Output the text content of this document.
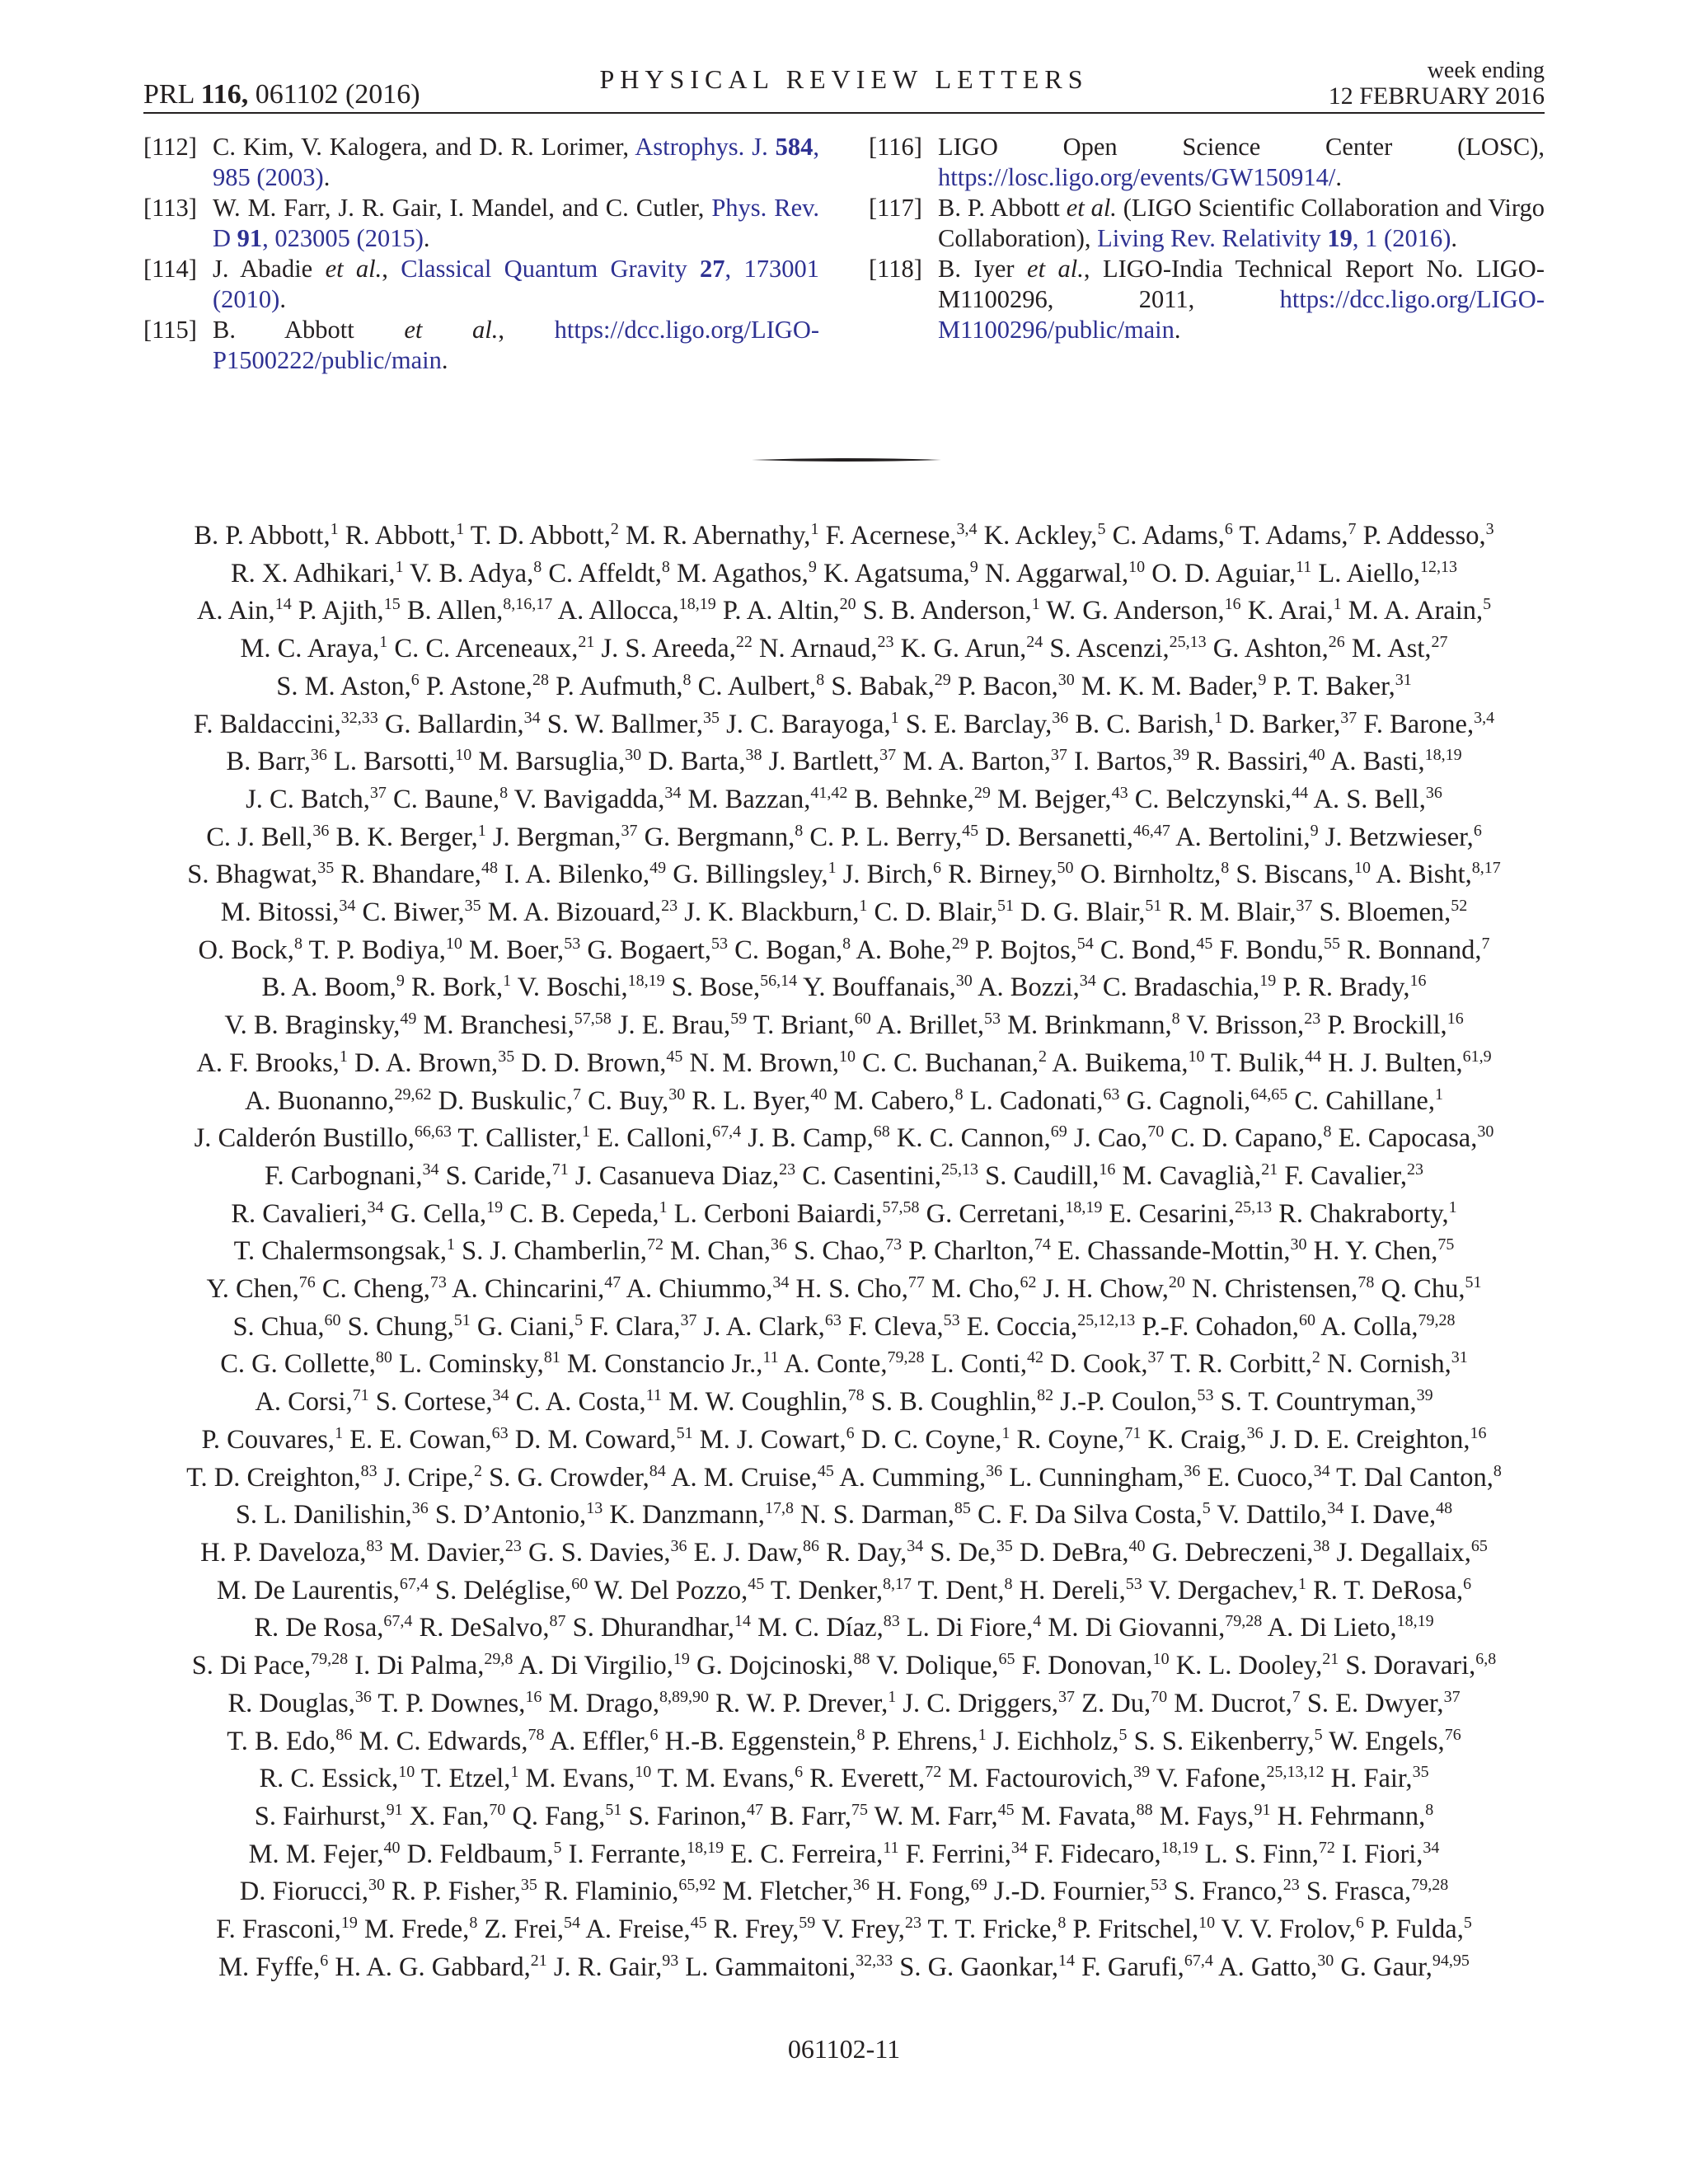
PRL 116, 061102 (2016)	PHYSICAL REVIEW LETTERS	week ending
12 FEBRUARY 2016
[112] C. Kim, V. Kalogera, and D. R. Lorimer, Astrophys. J. 584, 985 (2003).
[113] W. M. Farr, J. R. Gair, I. Mandel, and C. Cutler, Phys. Rev. D 91, 023005 (2015).
[114] J. Abadie et al., Classical Quantum Gravity 27, 173001 (2010).
[115] B. Abbott et al., https://dcc.ligo.org/LIGO-P1500222/public/main.
[116] LIGO Open Science Center (LOSC), https://losc.ligo.org/events/GW150914/.
[117] B. P. Abbott et al. (LIGO Scientific Collaboration and Virgo Collaboration), Living Rev. Relativity 19, 1 (2016).
[118] B. Iyer et al., LIGO-India Technical Report No. LIGO-M1100296, 2011, https://dcc.ligo.org/LIGO-M1100296/public/main.
B. P. Abbott,$^1$ R. Abbott,$^1$ T. D. Abbott,$^2$ M. R. Abernathy,$^1$ F. Acernese,$^{3,4}$ K. Ackley,$^5$ C. Adams,$^6$ T. Adams,$^7$ P. Addesso,$^3$
R. X. Adhikari,$^1$ V. B. Adya,$^8$ C. Affeldt,$^8$ M. Agathos,$^9$ K. Agatsuma,$^9$ N. Aggarwal,$^{10}$ O. D. Aguiar,$^{11}$ L. Aiello,$^{12,13}$
A. Ain,$^{14}$ P. Ajith,$^{15}$ B. Allen,$^{8,16,17}$ A. Allocca,$^{18,19}$ P. A. Altin,$^{20}$ S. B. Anderson,$^1$ W. G. Anderson,$^{16}$ K. Arai,$^1$ M. A. Arain,$^5$
M. C. Araya,$^1$ C. C. Arceneaux,$^{21}$ J. S. Areeda,$^{22}$ N. Arnaud,$^{23}$ K. G. Arun,$^{24}$ S. Ascenzi,$^{25,13}$ G. Ashton,$^{26}$ M. Ast,$^{27}$
S. M. Aston,$^6$ P. Astone,$^{28}$ P. Aufmuth,$^8$ C. Aulbert,$^8$ S. Babak,$^{29}$ P. Bacon,$^{30}$ M. K. M. Bader,$^9$ P. T. Baker,$^{31}$
F. Baldaccini,$^{32,33}$ G. Ballardin,$^{34}$ S. W. Ballmer,$^{35}$ J. C. Barayoga,$^1$ S. E. Barclay,$^{36}$ B. C. Barish,$^1$ D. Barker,$^{37}$ F. Barone,$^{3,4}$
B. Barr,$^{36}$ L. Barsotti,$^{10}$ M. Barsuglia,$^{30}$ D. Barta,$^{38}$ J. Bartlett,$^{37}$ M. A. Barton,$^{37}$ I. Bartos,$^{39}$ R. Bassiri,$^{40}$ A. Basti,$^{18,19}$
J. C. Batch,$^{37}$ C. Baune,$^8$ V. Bavigadda,$^{34}$ M. Bazzan,$^{41,42}$ B. Behnke,$^{29}$ M. Bejger,$^{43}$ C. Belczynski,$^{44}$ A. S. Bell,$^{36}$
C. J. Bell,$^{36}$ B. K. Berger,$^1$ J. Bergman,$^{37}$ G. Bergmann,$^8$ C. P. L. Berry,$^{45}$ D. Bersanetti,$^{46,47}$ A. Bertolini,$^9$ J. Betzwieser,$^6$
S. Bhagwat,$^{35}$ R. Bhandare,$^{48}$ I. A. Bilenko,$^{49}$ G. Billingsley,$^1$ J. Birch,$^6$ R. Birney,$^{50}$ O. Birnholtz,$^8$ S. Biscans,$^{10}$ A. Bisht,$^{8,17}$
M. Bitossi,$^{34}$ C. Biwer,$^{35}$ M. A. Bizouard,$^{23}$ J. K. Blackburn,$^1$ C. D. Blair,$^{51}$ D. G. Blair,$^{51}$ R. M. Blair,$^{37}$ S. Bloemen,$^{52}$
O. Bock,$^8$ T. P. Bodiya,$^{10}$ M. Boer,$^{53}$ G. Bogaert,$^{53}$ C. Bogan,$^8$ A. Bohe,$^{29}$ P. Bojtos,$^{54}$ C. Bond,$^{45}$ F. Bondu,$^{55}$ R. Bonnand,$^7$
B. A. Boom,$^9$ R. Bork,$^1$ V. Boschi,$^{18,19}$ S. Bose,$^{56,14}$ Y. Bouffanais,$^{30}$ A. Bozzi,$^{34}$ C. Bradaschia,$^{19}$ P. R. Brady,$^{16}$
V. B. Braginsky,$^{49}$ M. Branchesi,$^{57,58}$ J. E. Brau,$^{59}$ T. Briant,$^{60}$ A. Brillet,$^{53}$ M. Brinkmann,$^8$ V. Brisson,$^{23}$ P. Brockill,$^{16}$
A. F. Brooks,$^1$ D. A. Brown,$^{35}$ D. D. Brown,$^{45}$ N. M. Brown,$^{10}$ C. C. Buchanan,$^2$ A. Buikema,$^{10}$ T. Bulik,$^{44}$ H. J. Bulten,$^{61,9}$
A. Buonanno,$^{29,62}$ D. Buskulic,$^7$ C. Buy,$^{30}$ R. L. Byer,$^{40}$ M. Cabero,$^8$ L. Cadonati,$^{63}$ G. Cagnoli,$^{64,65}$ C. Cahillane,$^1$
J. Calderón Bustillo,$^{66,63}$ T. Callister,$^1$ E. Calloni,$^{67,4}$ J. B. Camp,$^{68}$ K. C. Cannon,$^{69}$ J. Cao,$^{70}$ C. D. Capano,$^8$ E. Capocasa,$^{30}$
F. Carbognani,$^{34}$ S. Caride,$^{71}$ J. Casanueva Diaz,$^{23}$ C. Casentini,$^{25,13}$ S. Caudill,$^{16}$ M. Cavaglià,$^{21}$ F. Cavalier,$^{23}$
R. Cavalieri,$^{34}$ G. Cella,$^{19}$ C. B. Cepeda,$^1$ L. Cerboni Baiardi,$^{57,58}$ G. Cerretani,$^{18,19}$ E. Cesarini,$^{25,13}$ R. Chakraborty,$^1$
T. Chalermsongsak,$^1$ S. J. Chamberlin,$^{72}$ M. Chan,$^{36}$ S. Chao,$^{73}$ P. Charlton,$^{74}$ E. Chassande-Mottin,$^{30}$ H. Y. Chen,$^{75}$
Y. Chen,$^{76}$ C. Cheng,$^{73}$ A. Chincarini,$^{47}$ A. Chiummo,$^{34}$ H. S. Cho,$^{77}$ M. Cho,$^{62}$ J. H. Chow,$^{20}$ N. Christensen,$^{78}$ Q. Chu,$^{51}$
S. Chua,$^{60}$ S. Chung,$^{51}$ G. Ciani,$^5$ F. Clara,$^{37}$ J. A. Clark,$^{63}$ F. Cleva,$^{53}$ E. Coccia,$^{25,12,13}$ P.-F. Cohadon,$^{60}$ A. Colla,$^{79,28}$
C. G. Collette,$^{80}$ L. Cominsky,$^{81}$ M. Constancio Jr.,$^{11}$ A. Conte,$^{79,28}$ L. Conti,$^{42}$ D. Cook,$^{37}$ T. R. Corbitt,$^2$ N. Cornish,$^{31}$
A. Corsi,$^{71}$ S. Cortese,$^{34}$ C. A. Costa,$^{11}$ M. W. Coughlin,$^{78}$ S. B. Coughlin,$^{82}$ J.-P. Coulon,$^{53}$ S. T. Countryman,$^{39}$
P. Couvares,$^1$ E. E. Cowan,$^{63}$ D. M. Coward,$^{51}$ M. J. Cowart,$^6$ D. C. Coyne,$^1$ R. Coyne,$^{71}$ K. Craig,$^{36}$ J. D. E. Creighton,$^{16}$
T. D. Creighton,$^{83}$ J. Cripe,$^2$ S. G. Crowder,$^{84}$ A. M. Cruise,$^{45}$ A. Cumming,$^{36}$ L. Cunningham,$^{36}$ E. Cuoco,$^{34}$ T. Dal Canton,$^8$
S. L. Danilishin,$^{36}$ S. D’Antonio,$^{13}$ K. Danzmann,$^{17,8}$ N. S. Darman,$^{85}$ C. F. Da Silva Costa,$^5$ V. Dattilo,$^{34}$ I. Dave,$^{48}$
H. P. Daveloza,$^{83}$ M. Davier,$^{23}$ G. S. Davies,$^{36}$ E. J. Daw,$^{86}$ R. Day,$^{34}$ S. De,$^{35}$ D. DeBra,$^{40}$ G. Debreczeni,$^{38}$ J. Degallaix,$^{65}$
M. De Laurentis,$^{67,4}$ S. Deléglise,$^{60}$ W. Del Pozzo,$^{45}$ T. Denker,$^{8,17}$ T. Dent,$^8$ H. Dereli,$^{53}$ V. Dergachev,$^1$ R. T. DeRosa,$^6$
R. De Rosa,$^{67,4}$ R. DeSalvo,$^{87}$ S. Dhurandhar,$^{14}$ M. C. Díaz,$^{83}$ L. Di Fiore,$^4$ M. Di Giovanni,$^{79,28}$ A. Di Lieto,$^{18,19}$
S. Di Pace,$^{79,28}$ I. Di Palma,$^{29,8}$ A. Di Virgilio,$^{19}$ G. Dojcinoski,$^{88}$ V. Dolique,$^{65}$ F. Donovan,$^{10}$ K. L. Dooley,$^{21}$ S. Doravari,$^{6,8}$
R. Douglas,$^{36}$ T. P. Downes,$^{16}$ M. Drago,$^{8,89,90}$ R. W. P. Drever,$^1$ J. C. Driggers,$^{37}$ Z. Du,$^{70}$ M. Ducrot,$^7$ S. E. Dwyer,$^{37}$
T. B. Edo,$^{86}$ M. C. Edwards,$^{78}$ A. Effler,$^6$ H.-B. Eggenstein,$^8$ P. Ehrens,$^1$ J. Eichholz,$^5$ S. S. Eikenberry,$^5$ W. Engels,$^{76}$
R. C. Essick,$^{10}$ T. Etzel,$^1$ M. Evans,$^{10}$ T. M. Evans,$^6$ R. Everett,$^{72}$ M. Factourovich,$^{39}$ V. Fafone,$^{25,13,12}$ H. Fair,$^{35}$
S. Fairhurst,$^{91}$ X. Fan,$^{70}$ Q. Fang,$^{51}$ S. Farinon,$^{47}$ B. Farr,$^{75}$ W. M. Farr,$^{45}$ M. Favata,$^{88}$ M. Fays,$^{91}$ H. Fehrmann,$^8$
M. M. Fejer,$^{40}$ D. Feldbaum,$^5$ I. Ferrante,$^{18,19}$ E. C. Ferreira,$^{11}$ F. Ferrini,$^{34}$ F. Fidecaro,$^{18,19}$ L. S. Finn,$^{72}$ I. Fiori,$^{34}$
D. Fiorucci,$^{30}$ R. P. Fisher,$^{35}$ R. Flaminio,$^{65,92}$ M. Fletcher,$^{36}$ H. Fong,$^{69}$ J.-D. Fournier,$^{53}$ S. Franco,$^{23}$ S. Frasca,$^{79,28}$
F. Frasconi,$^{19}$ M. Frede,$^8$ Z. Frei,$^{54}$ A. Freise,$^{45}$ R. Frey,$^{59}$ V. Frey,$^{23}$ T. T. Fricke,$^8$ P. Fritschel,$^{10}$ V. V. Frolov,$^6$ P. Fulda,$^5$
M. Fyffe,$^6$ H. A. G. Gabbard,$^{21}$ J. R. Gair,$^{93}$ L. Gammaitoni,$^{32,33}$ S. G. Gaonkar,$^{14}$ F. Garufi,$^{67,4}$ A. Gatto,$^{30}$ G. Gaur,$^{94,95}$
061102-11
